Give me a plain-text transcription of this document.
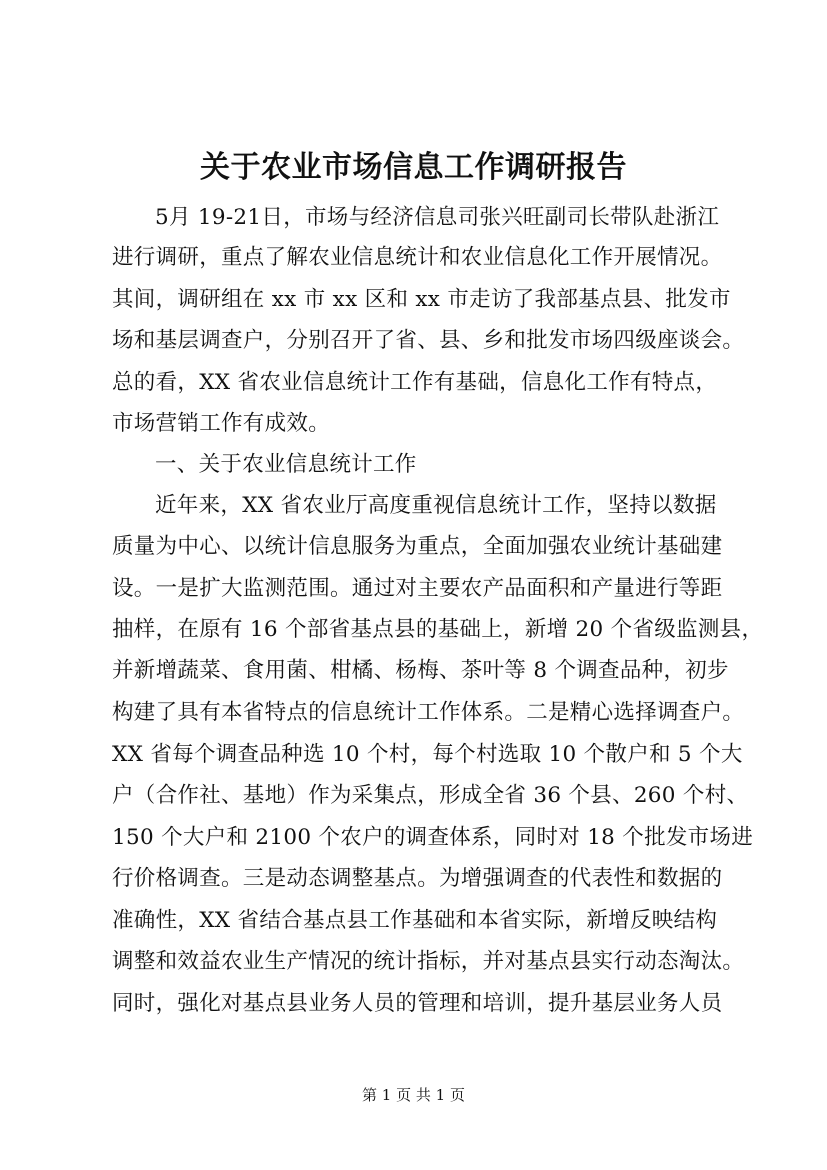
关于农业市场信息工作调研报告
5月 19-21日，市场与经济信息司张兴旺副司长带队赴浙江
进行调研，重点了解农业信息统计和农业信息化工作开展情况。
其间，调研组在 xx 市 xx 区和 xx 市走访了我部基点县、批发市
场和基层调查户，分别召开了省、县、乡和批发市场四级座谈会。
总的看，XX 省农业信息统计工作有基础，信息化工作有特点，
市场营销工作有成效。
一、关于农业信息统计工作
近年来，XX 省农业厅高度重视信息统计工作，坚持以数据
质量为中心、以统计信息服务为重点，全面加强农业统计基础建
设。一是扩大监测范围。通过对主要农产品面积和产量进行等距
抽样，在原有 16 个部省基点县的基础上，新增 20 个省级监测县，
并新增蔬菜、食用菌、柑橘、杨梅、茶叶等 8 个调查品种，初步
构建了具有本省特点的信息统计工作体系。二是精心选择调查户。
XX 省每个调查品种选 10 个村，每个村选取 10 个散户和 5 个大
户（合作社、基地）作为采集点，形成全省 36 个县、260 个村、
150 个大户和 2100 个农户的调查体系，同时对 18 个批发市场进
行价格调查。三是动态调整基点。为增强调查的代表性和数据的
准确性，XX 省结合基点县工作基础和本省实际，新增反映结构
调整和效益农业生产情况的统计指标，并对基点县实行动态淘汰。
同时，强化对基点县业务人员的管理和培训，提升基层业务人员
第 1 页 共 1 页
